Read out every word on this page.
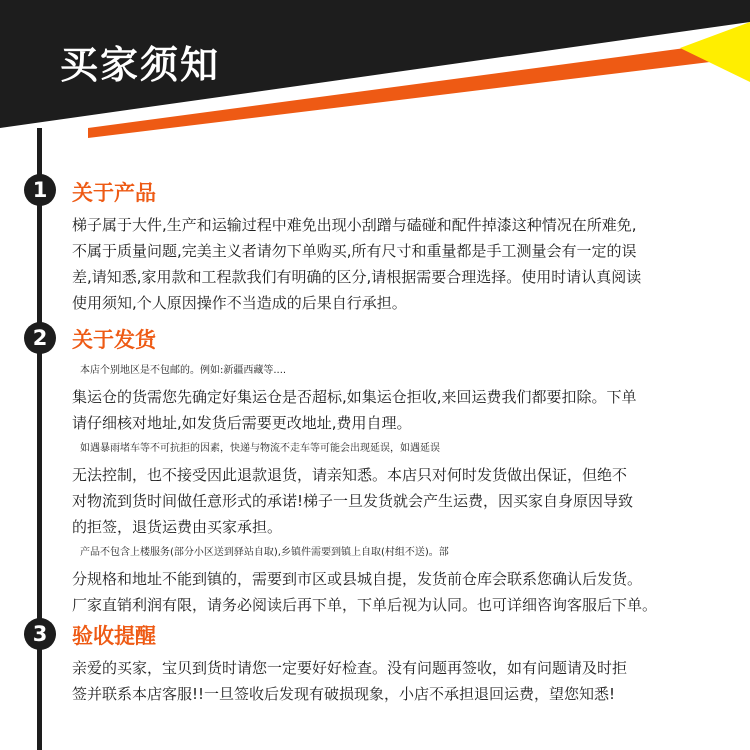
买家须知
1	关于产品

梯子属于大件,生产和运输过程中难免出现小刮蹭与磕碰和配件掉漆这种情况在所难免,
不属于质量问题,完美主义者请勿下单购买,所有尺寸和重量都是手工测量会有一定的误
差,请知悉,家用款和工程款我们有明确的区分,请根据需要合理选择。使用时请认真阅读
使用须知,个人原因操作不当造成的后果自行承担。

2	关于发货

本店个别地区是不包邮的。例如:新疆西藏等....
集运仓的货需您先确定好集运仓是否超标,如集运仓拒收,来回运费我们都要扣除。下单
请仔细核对地址,如发货后需要更改地址,费用自理。
如遇暴雨堵车等不可抗拒的因素，快递与物流不走车等可能会出现延误，如遇延误
无法控制，也不接受因此退款退货，请亲知悉。本店只对何时发货做出保证，但绝不
对物流到货时间做任意形式的承诺!梯子一旦发货就会产生运费，因买家自身原因导致
的拒签，退货运费由买家承担。
产品不包含上楼服务(部分小区送到驿站自取),乡镇件需要到镇上自取(村组不送)。部
分规格和地址不能到镇的，需要到市区或县城自提，发货前仓库会联系您确认后发货。
厂家直销利润有限，请务必阅读后再下单，下单后视为认同。也可详细咨询客服后下单。

3	验收提醒

亲爱的买家，宝贝到货时请您一定要好好检查。没有问题再签收，如有问题请及时拒
签并联系本店客服!!一旦签收后发现有破损现象，小店不承担退回运费，望您知悉!
